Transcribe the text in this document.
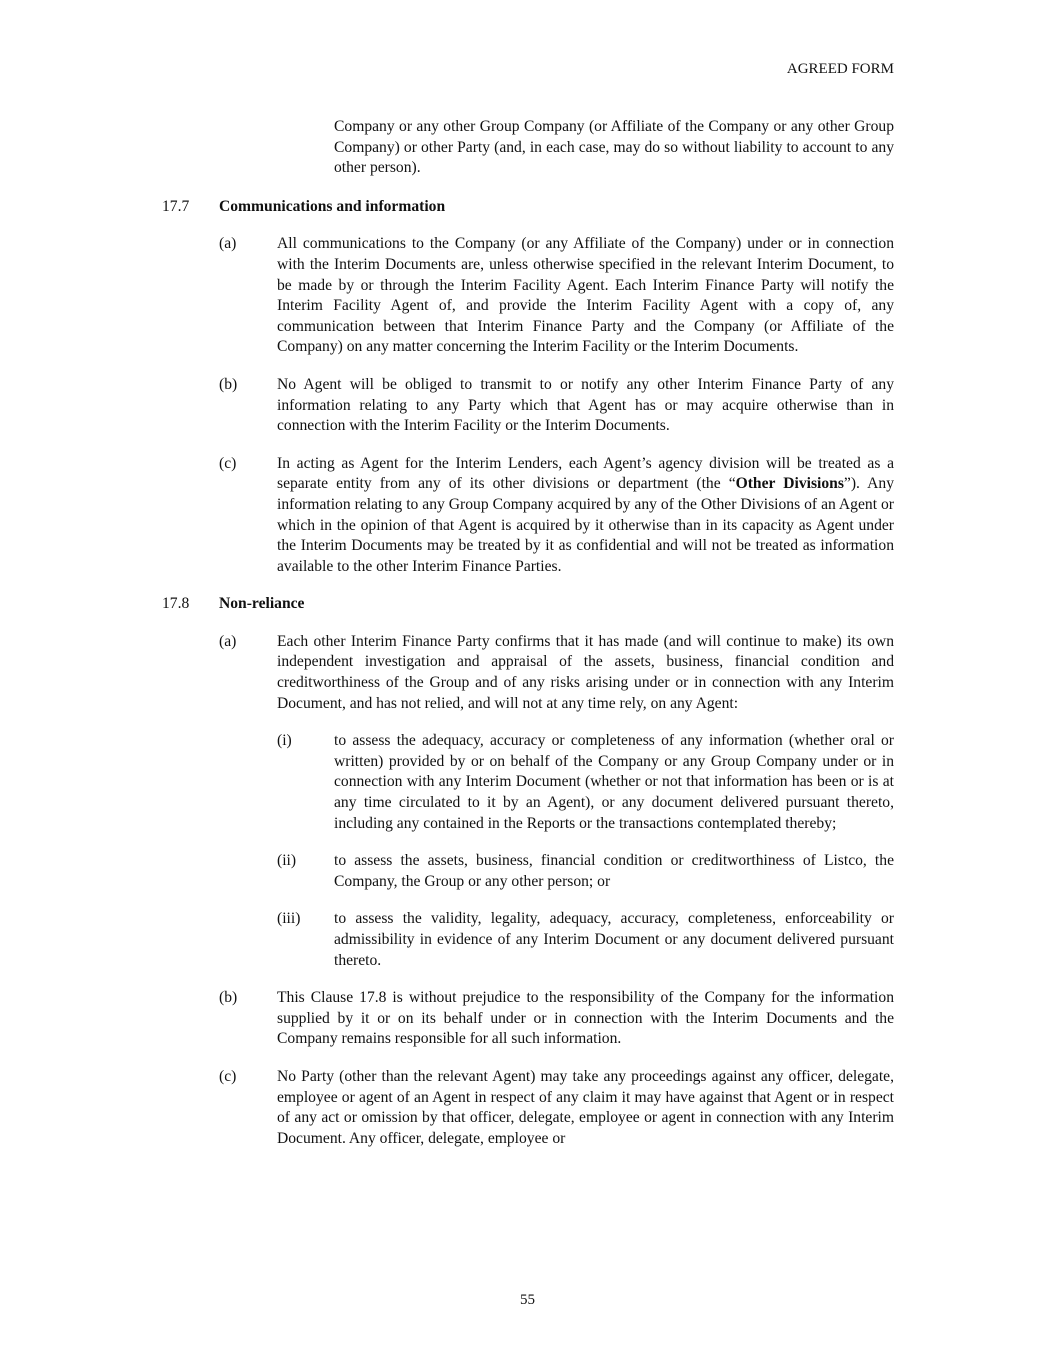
AGREED FORM

Company or any other Group Company (or Affiliate of the Company or any other Group Company) or other Party (and, in each case, may do so without liability to account to any other person).

17.7	Communications and information
(a)	All communications to the Company (or any Affiliate of the Company) under or in connection with the Interim Documents are, unless otherwise specified in the relevant Interim Document, to be made by or through the Interim Facility Agent. Each Interim Finance Party will notify the Interim Facility Agent of, and provide the Interim Facility Agent with a copy of, any communication between that Interim Finance Party and the Company (or Affiliate of the Company) on any matter concerning the Interim Facility or the Interim Documents.

(b)	No Agent will be obliged to transmit to or notify any other Interim Finance Party of any information relating to any Party which that Agent has or may acquire otherwise than in connection with the Interim Facility or the Interim Documents.

(c)	In acting as Agent for the Interim Lenders, each Agent’s agency division will be treated as a separate entity from any of its other divisions or department (the “Other Divisions”). Any information relating to any Group Company acquired by any of the Other Divisions of an Agent or which in the opinion of that Agent is acquired by it otherwise than in its capacity as Agent under the Interim Documents may be treated by it as confidential and will not be treated as information available to the other Interim Finance Parties.

17.8	Non-reliance
(a)	Each other Interim Finance Party confirms that it has made (and will continue to make) its own independent investigation and appraisal of the assets, business, financial condition and creditworthiness of the Group and of any risks arising under or in connection with any Interim Document, and has not relied, and will not at any time rely, on any Agent:

(i)	to assess the adequacy, accuracy or completeness of any information (whether oral or written) provided by or on behalf of the Company or any Group Company under or in connection with any Interim Document (whether or not that information has been or is at any time circulated to it by an Agent), or any document delivered pursuant thereto, including any contained in the Reports or the transactions contemplated thereby;

(ii)	to assess the assets, business, financial condition or creditworthiness of Listco, the Company, the Group or any other person; or

(iii)	to assess the validity, legality, adequacy, accuracy, completeness, enforceability or admissibility in evidence of any Interim Document or any document delivered pursuant thereto.

(b)	This Clause 17.8 is without prejudice to the responsibility of the Company for the information supplied by it or on its behalf under or in connection with the Interim Documents and the Company remains responsible for all such information.

(c)	No Party (other than the relevant Agent) may take any proceedings against any officer, delegate, employee or agent of an Agent in respect of any claim it may have against that Agent or in respect of any act or omission by that officer, delegate, employee or agent in connection with any Interim Document. Any officer, delegate, employee or

55
